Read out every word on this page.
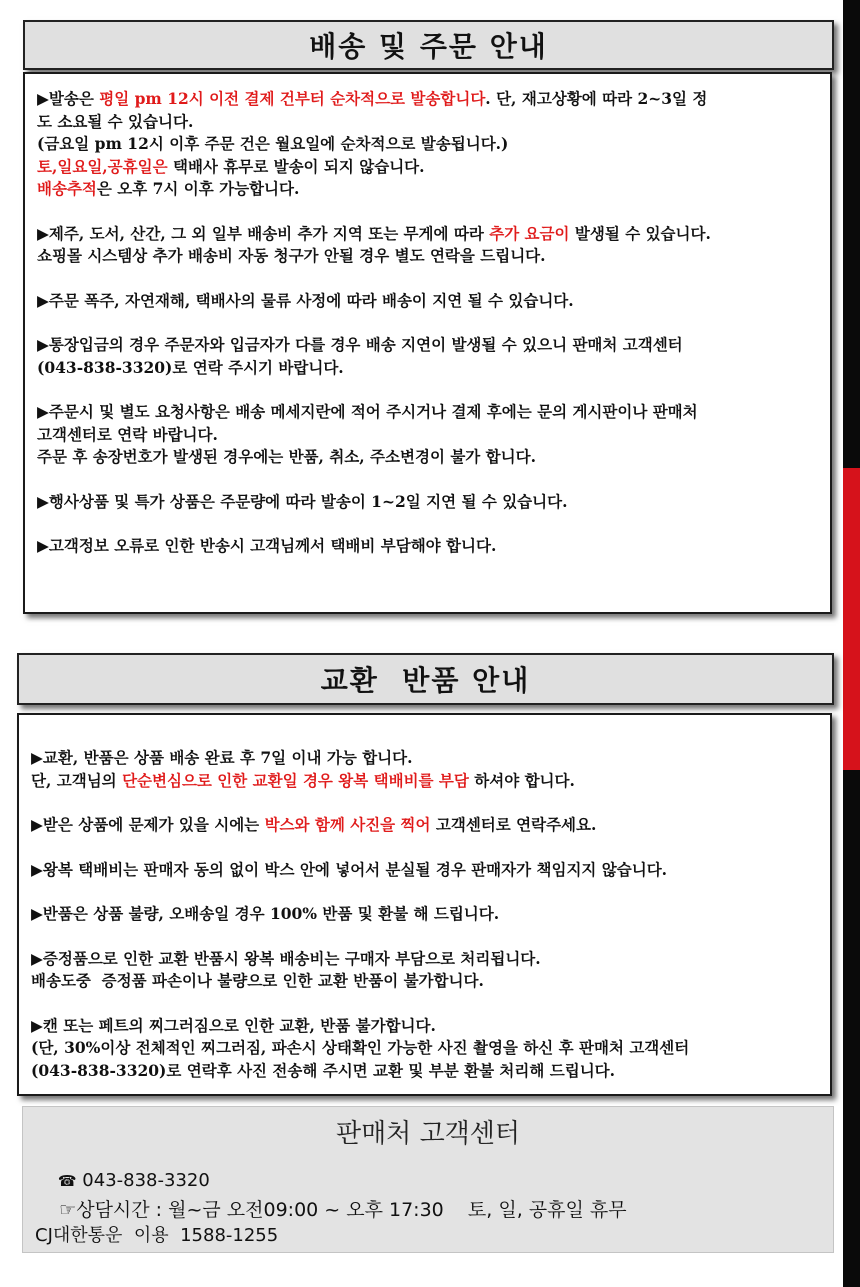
배송 및 주문 안내

▶발송은 평일 pm 12시 이전 결제 건부터 순차적으로 발송합니다. 단, 재고상황에 따라 2~3일 정
도 소요될 수 있습니다.
(금요일 pm 12시 이후 주문 건은 월요일에 순차적으로 발송됩니다.)
토,일요일,공휴일은 택배사 휴무로 발송이 되지 않습니다.
배송추적은 오후 7시 이후 가능합니다.

▶제주, 도서, 산간, 그 외 일부 배송비 추가 지역 또는 무게에 따라 추가 요금이 발생될 수 있습니다.
쇼핑몰 시스템상 추가 배송비 자동 청구가 안될 경우 별도 연락을 드립니다.

▶주문 폭주, 자연재해, 택배사의 물류 사정에 따라 배송이 지연 될 수 있습니다.

▶통장입금의 경우 주문자와 입금자가 다를 경우 배송 지연이 발생될 수 있으니 판매처 고객센터
(043-838-3320)로 연락 주시기 바랍니다.

▶주문시 및 별도 요청사항은 배송 메세지란에 적어 주시거나 결제 후에는 문의 게시판이나 판매처
고객센터로 연락 바랍니다.
주문 후 송장번호가 발생된 경우에는 반품, 취소, 주소변경이 불가 합니다.

▶행사상품 및 특가 상품은 주문량에 따라 발송이 1~2일 지연 될 수 있습니다.

▶고객정보 오류로 인한 반송시 고객님께서 택배비 부담해야 합니다.

교환  반품 안내

▶교환, 반품은 상품 배송 완료 후 7일 이내 가능 합니다.
단, 고객님의 단순변심으로 인한 교환일 경우 왕복 택배비를 부담 하셔야 합니다.

▶받은 상품에 문제가 있을 시에는 박스와 함께 사진을 찍어 고객센터로 연락주세요.

▶왕복 택배비는 판매자 동의 없이 박스 안에 넣어서 분실될 경우 판매자가 책임지지 않습니다.

▶반품은 상품 불량, 오배송일 경우 100% 반품 및 환불 해 드립니다.

▶증정품으로 인한 교환 반품시 왕복 배송비는 구매자 부담으로 처리됩니다.
배송도중  증정품 파손이나 불량으로 인한 교환 반품이 불가합니다.

▶캔 또는 페트의 찌그러짐으로 인한 교환, 반품 불가합니다.
(단, 30%이상 전체적인 찌그러짐, 파손시 상태확인 가능한 사진 촬영을 하신 후 판매처 고객센터
(043-838-3320)로 연락후 사진 전송해 주시면 교환 및 부분 환불 처리해 드립니다.

판매처 고객센터

☎ 043-838-3320

☞상담시간 : 월~금 오전09:00 ~ 오후 17:30    토, 일, 공휴일 휴무

CJ대한통운  이용  1588-1255
